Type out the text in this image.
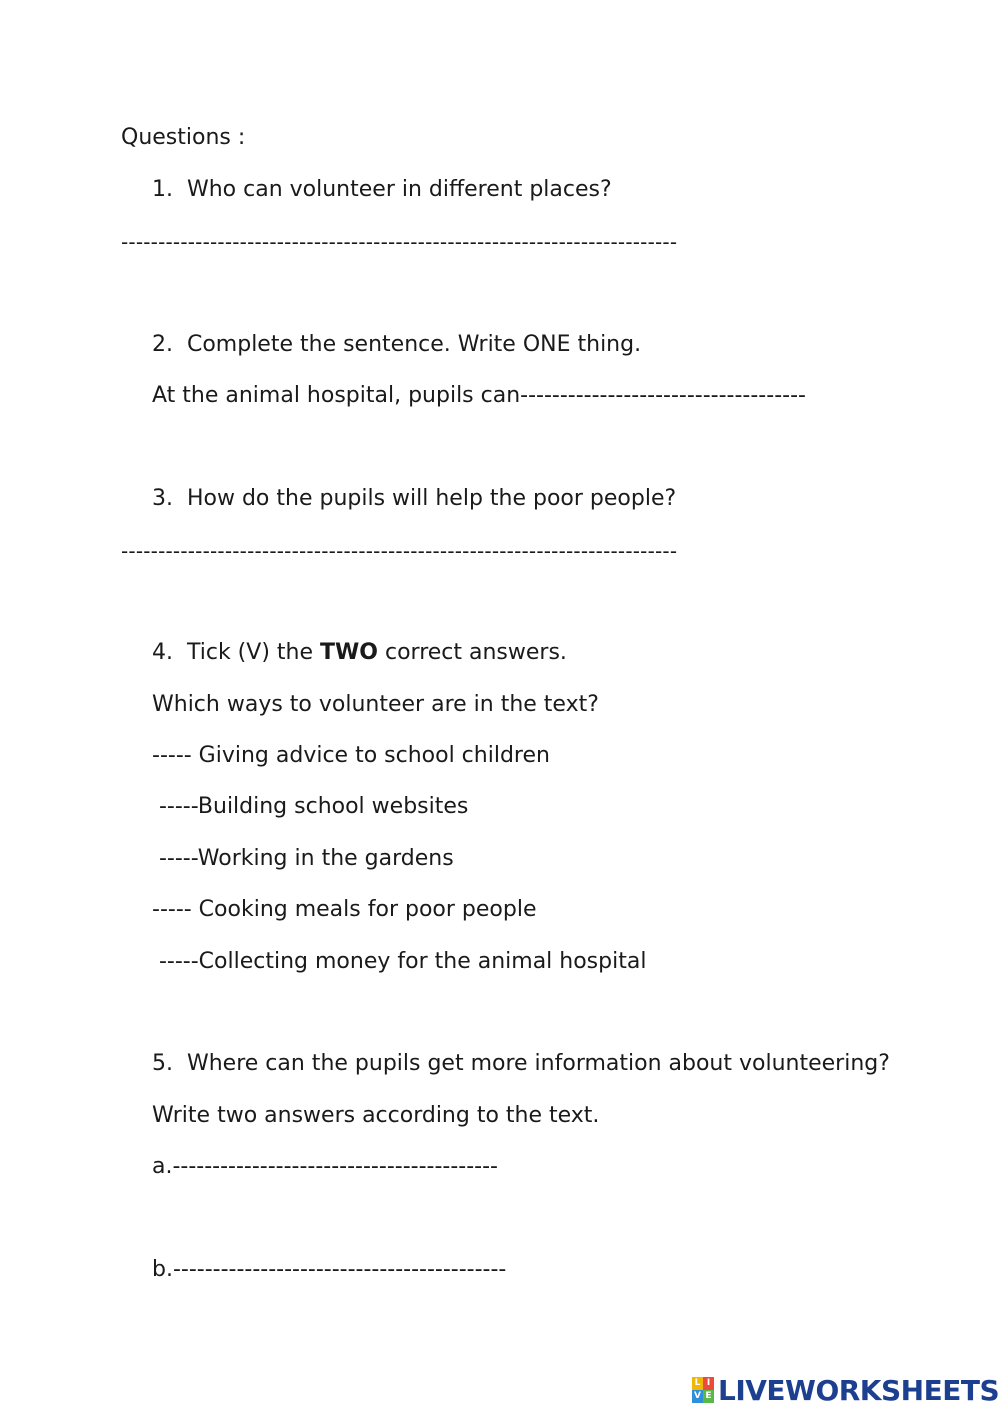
Questions :
1.  Who can volunteer in different places?
---------------------------------------------------------------------------
2.  Complete the sentence. Write ONE thing.
At the animal hospital, pupils can------------------------------------
3.  How do the pupils will help the poor people?
---------------------------------------------------------------------------
4.  Tick (V) the TWO correct answers.
Which ways to volunteer are in the text?
----- Giving advice to school children
-----Building school websites
-----Working in the gardens
----- Cooking meals for poor people
-----Collecting money for the animal hospital
5.  Where can the pupils get more information about volunteering?
Write two answers according to the text.
a.-----------------------------------------
b.------------------------------------------
L I
V E LIVEWORKSHEETS
